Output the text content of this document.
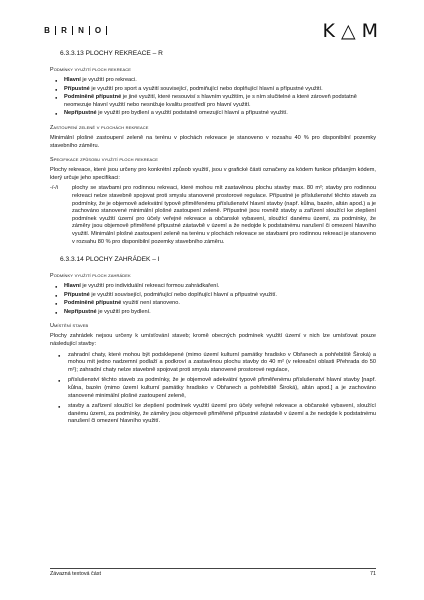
B	R	N	O	K△M
6.3.3.13 PLOCHY REKREACE – R
Podmínky využití ploch rekreace
● Hlavní je využití pro rekreaci.
● Přípustné je využití pro sport a využití související, podmiňující nebo doplňující hlavní a přípustné využití.
● Podmíněně přípustné je jiné využití, které nesouvisí s hlavním využitím, je s ním slučitelné a které zároveň podstatně neomezuje hlavní využití nebo nesnižuje kvalitu prostředí pro hlavní využití.
● Nepřípustné je využití pro bydlení a využití podstatně omezující hlavní a přípustné využití.
Zastoupení zeleně v plochách rekreace
Minimální plošné zastoupení zeleně na terénu v plochách rekreace je stanoveno v rozsahu 40 % pro disponibilní pozemky stavebního záměru.
Specifikace způsobu využití ploch rekreace
Plochy rekreace, které jsou určeny pro konkrétní způsob využití, jsou v grafické části označeny za kódem funkce přidaným kódem, který určuje jeho specifikaci:
-/-/i	plochy se stavbami pro rodinnou rekreaci, které mohou mít zastavěnou plochu stavby max. 80 m²; stavby pro rodinnou rekreaci nelze stavebně spojovat proti smyslu stanovené prostorové regulace. Přípustné je příslušenství těchto staveb za podmínky, že je objemově adekvátní typově přiměřenému příslušenství hlavní stavby (např. kůlna, bazén, altán apod.) a je zachováno stanovené minimální plošné zastoupení zeleně. Přípustné jsou rovněž stavby a zařízení sloužící ke zlepšení podmínek využití území pro účely veřejné rekreace a občanské vybavení, sloužící danému území, za podmínky, že záměry jsou objemově přiměřené přípustné zástavbě v území a že nedojde k podstatnému narušení či omezení hlavního využití. Minimální plošné zastoupení zeleně na terénu v plochách rekreace se stavbami pro rodinnou rekreaci je stanoveno v rozsahu 80 % pro disponibilní pozemky stavebního záměru.
6.3.3.14 PLOCHY ZAHRÁDEK – I
Podmínky využití ploch zahrádek
● Hlavní je využití pro individuální rekreaci formou zahrádkaření.
● Přípustné je využití související, podmiňující nebo doplňující hlavní a přípustné využití.
● Podmíněně přípustné využití není stanoveno.
● Nepřípustné je využití pro bydlení.
Umístění staveb
Plochy zahrádek nejsou určeny k umísťování staveb; kromě obecných podmínek využití území v nich lze umísťovat pouze následující stavby:
● zahradní chaty, které mohou být podsklepené (mimo území kulturní památky hradisko v Obřanech a pohřebiště Široká) a mohou mít jedno nadzemní podlaží a podkroví a zastavěnou plochu stavby do 40 m² (v rekreační oblasti Přehrada do 50 m²); zahradní chaty nelze stavebně spojovat proti smyslu stanovené prostorové regulace,
● příslušenství těchto staveb za podmínky, že je objemově adekvátní typově přiměřenému příslušenství hlavní stavby [např. kůlna, bazén (mimo území kulturní památky hradisko v Obřanech a pohřebiště Široká), altán apod.] a je zachováno stanovené minimální plošné zastoupení zeleně,
● stavby a zařízení sloužící ke zlepšení podmínek využití území pro účely veřejné rekreace a občanské vybavení, sloužící danému území, za podmínky, že záměry jsou objemově přiměřené přípustné zástavbě v území a že nedojde k podstatnému narušení či omezení hlavního využití.
Závazná textová část	71
